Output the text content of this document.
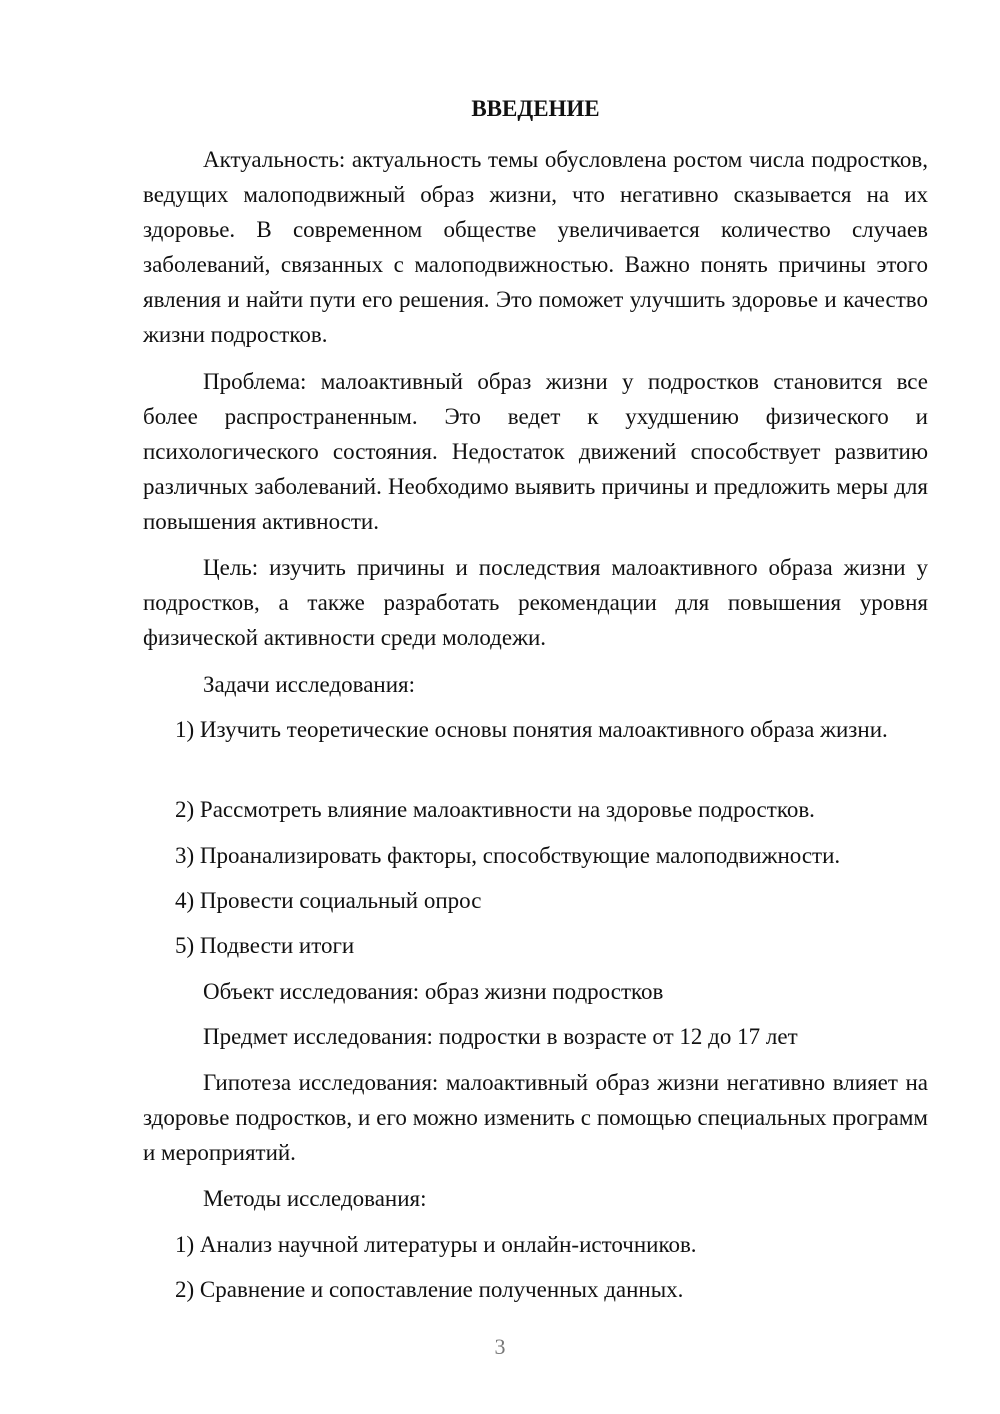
ВВЕДЕНИЕ
Актуальность: актуальность темы обусловлена ростом числа подростков, ведущих малоподвижный образ жизни, что негативно сказывается на их здоровье. В современном обществе увеличивается количество случаев заболеваний, связанных с малоподвижностью. Важно понять причины этого явления и найти пути его решения. Это поможет улучшить здоровье и качество жизни подростков.
Проблема: малоактивный образ жизни у подростков становится все более распространенным. Это ведет к ухудшению физического и психологического состояния. Недостаток движений способствует развитию различных заболеваний. Необходимо выявить причины и предложить меры для повышения активности.
Цель: изучить причины и последствия малоактивного образа жизни у подростков, а также разработать рекомендации для повышения уровня физической активности среди молодежи.
Задачи исследования:
1) Изучить теоретические основы понятия малоактивного образа жизни.
2) Рассмотреть влияние малоактивности на здоровье подростков.
3) Проанализировать факторы, способствующие малоподвижности.
4) Провести социальный опрос
5) Подвести итоги
Объект исследования: образ жизни подростков
Предмет исследования: подростки в возрасте от 12 до 17 лет
Гипотеза исследования: малоактивный образ жизни негативно влияет на здоровье подростков, и его можно изменить с помощью специальных программ и мероприятий.
Методы исследования:
1) Анализ научной литературы и онлайн-источников.
2) Сравнение и сопоставление полученных данных.
3
